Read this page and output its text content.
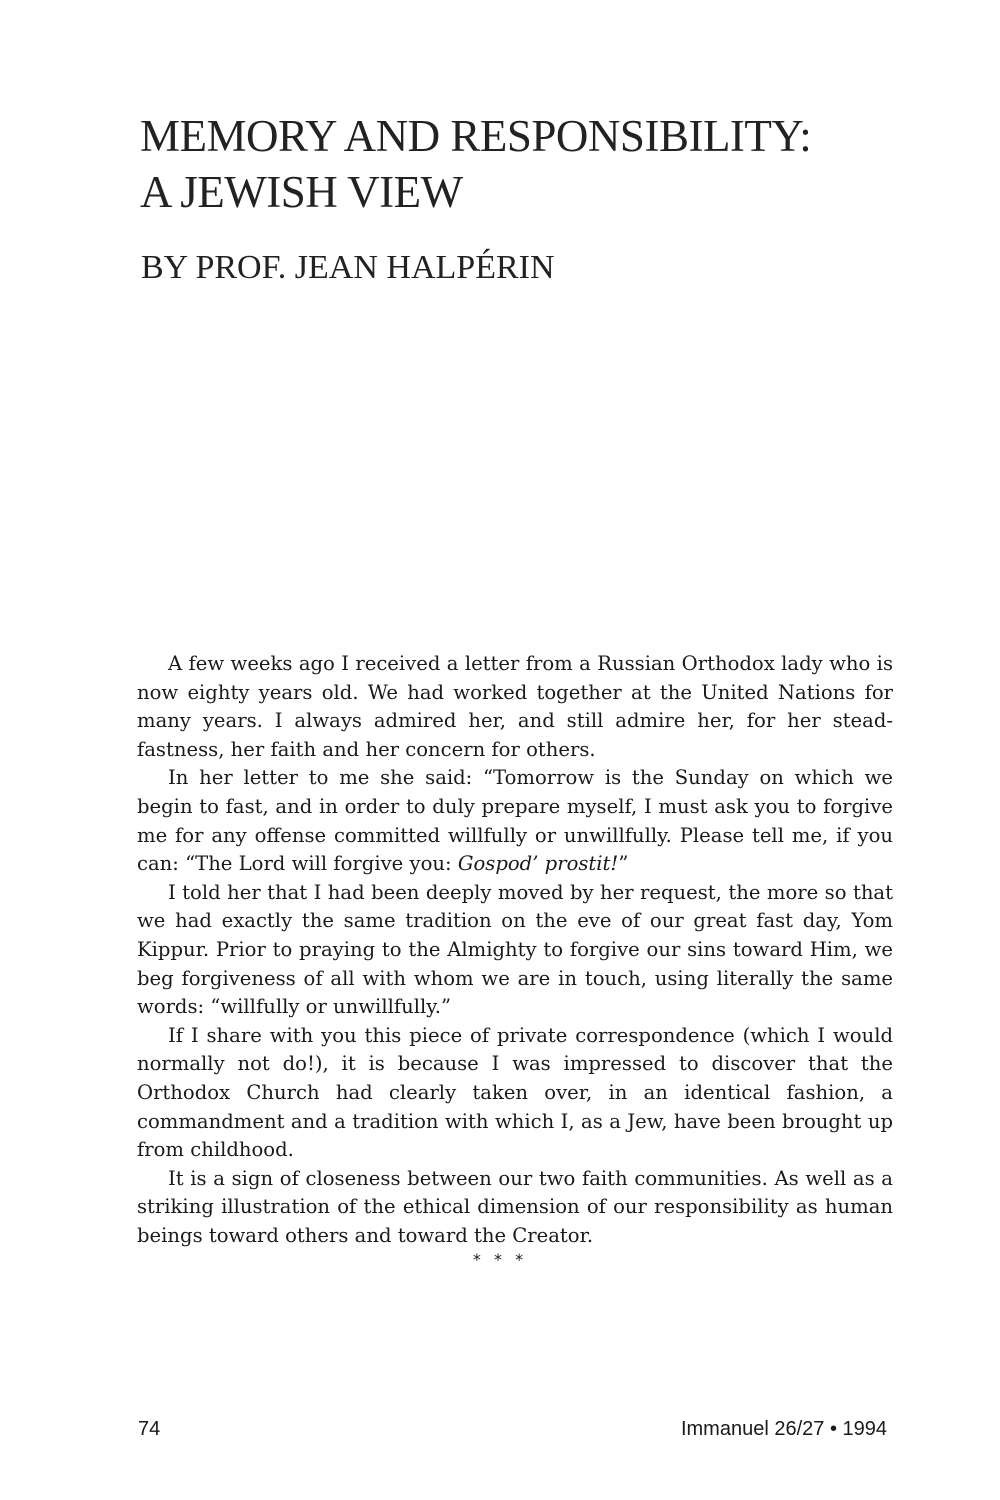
MEMORY AND RESPONSIBILITY:
A JEWISH VIEW
BY PROF. JEAN HALPÉRIN

A few weeks ago I received a letter from a Russian Orthodox lady who is now eighty years old. We had worked together at the United Nations for many years. I always admired her, and still admire her, for her steadfastness, her faith and her concern for others.

In her letter to me she said: “Tomorrow is the Sunday on which we begin to fast, and in order to duly prepare myself, I must ask you to forgive me for any offense committed willfully or unwillfully. Please tell me, if you can: “The Lord will forgive you: Gospod’ prostit!”

I told her that I had been deeply moved by her request, the more so that we had exactly the same tradition on the eve of our great fast day, Yom Kippur. Prior to praying to the Almighty to forgive our sins toward Him, we beg forgiveness of all with whom we are in touch, using literally the same words: “willfully or unwillfully.”

If I share with you this piece of private correspondence (which I would normally not do!), it is because I was impressed to discover that the Orthodox Church had clearly taken over, in an identical fashion, a commandment and a tradition with which I, as a Jew, have been brought up from childhood.

It is a sign of closeness between our two faith communities. As well as a striking illustration of the ethical dimension of our responsibility as human beings toward others and toward the Creator.

* * *
74	Immanuel 26/27 • 1994
